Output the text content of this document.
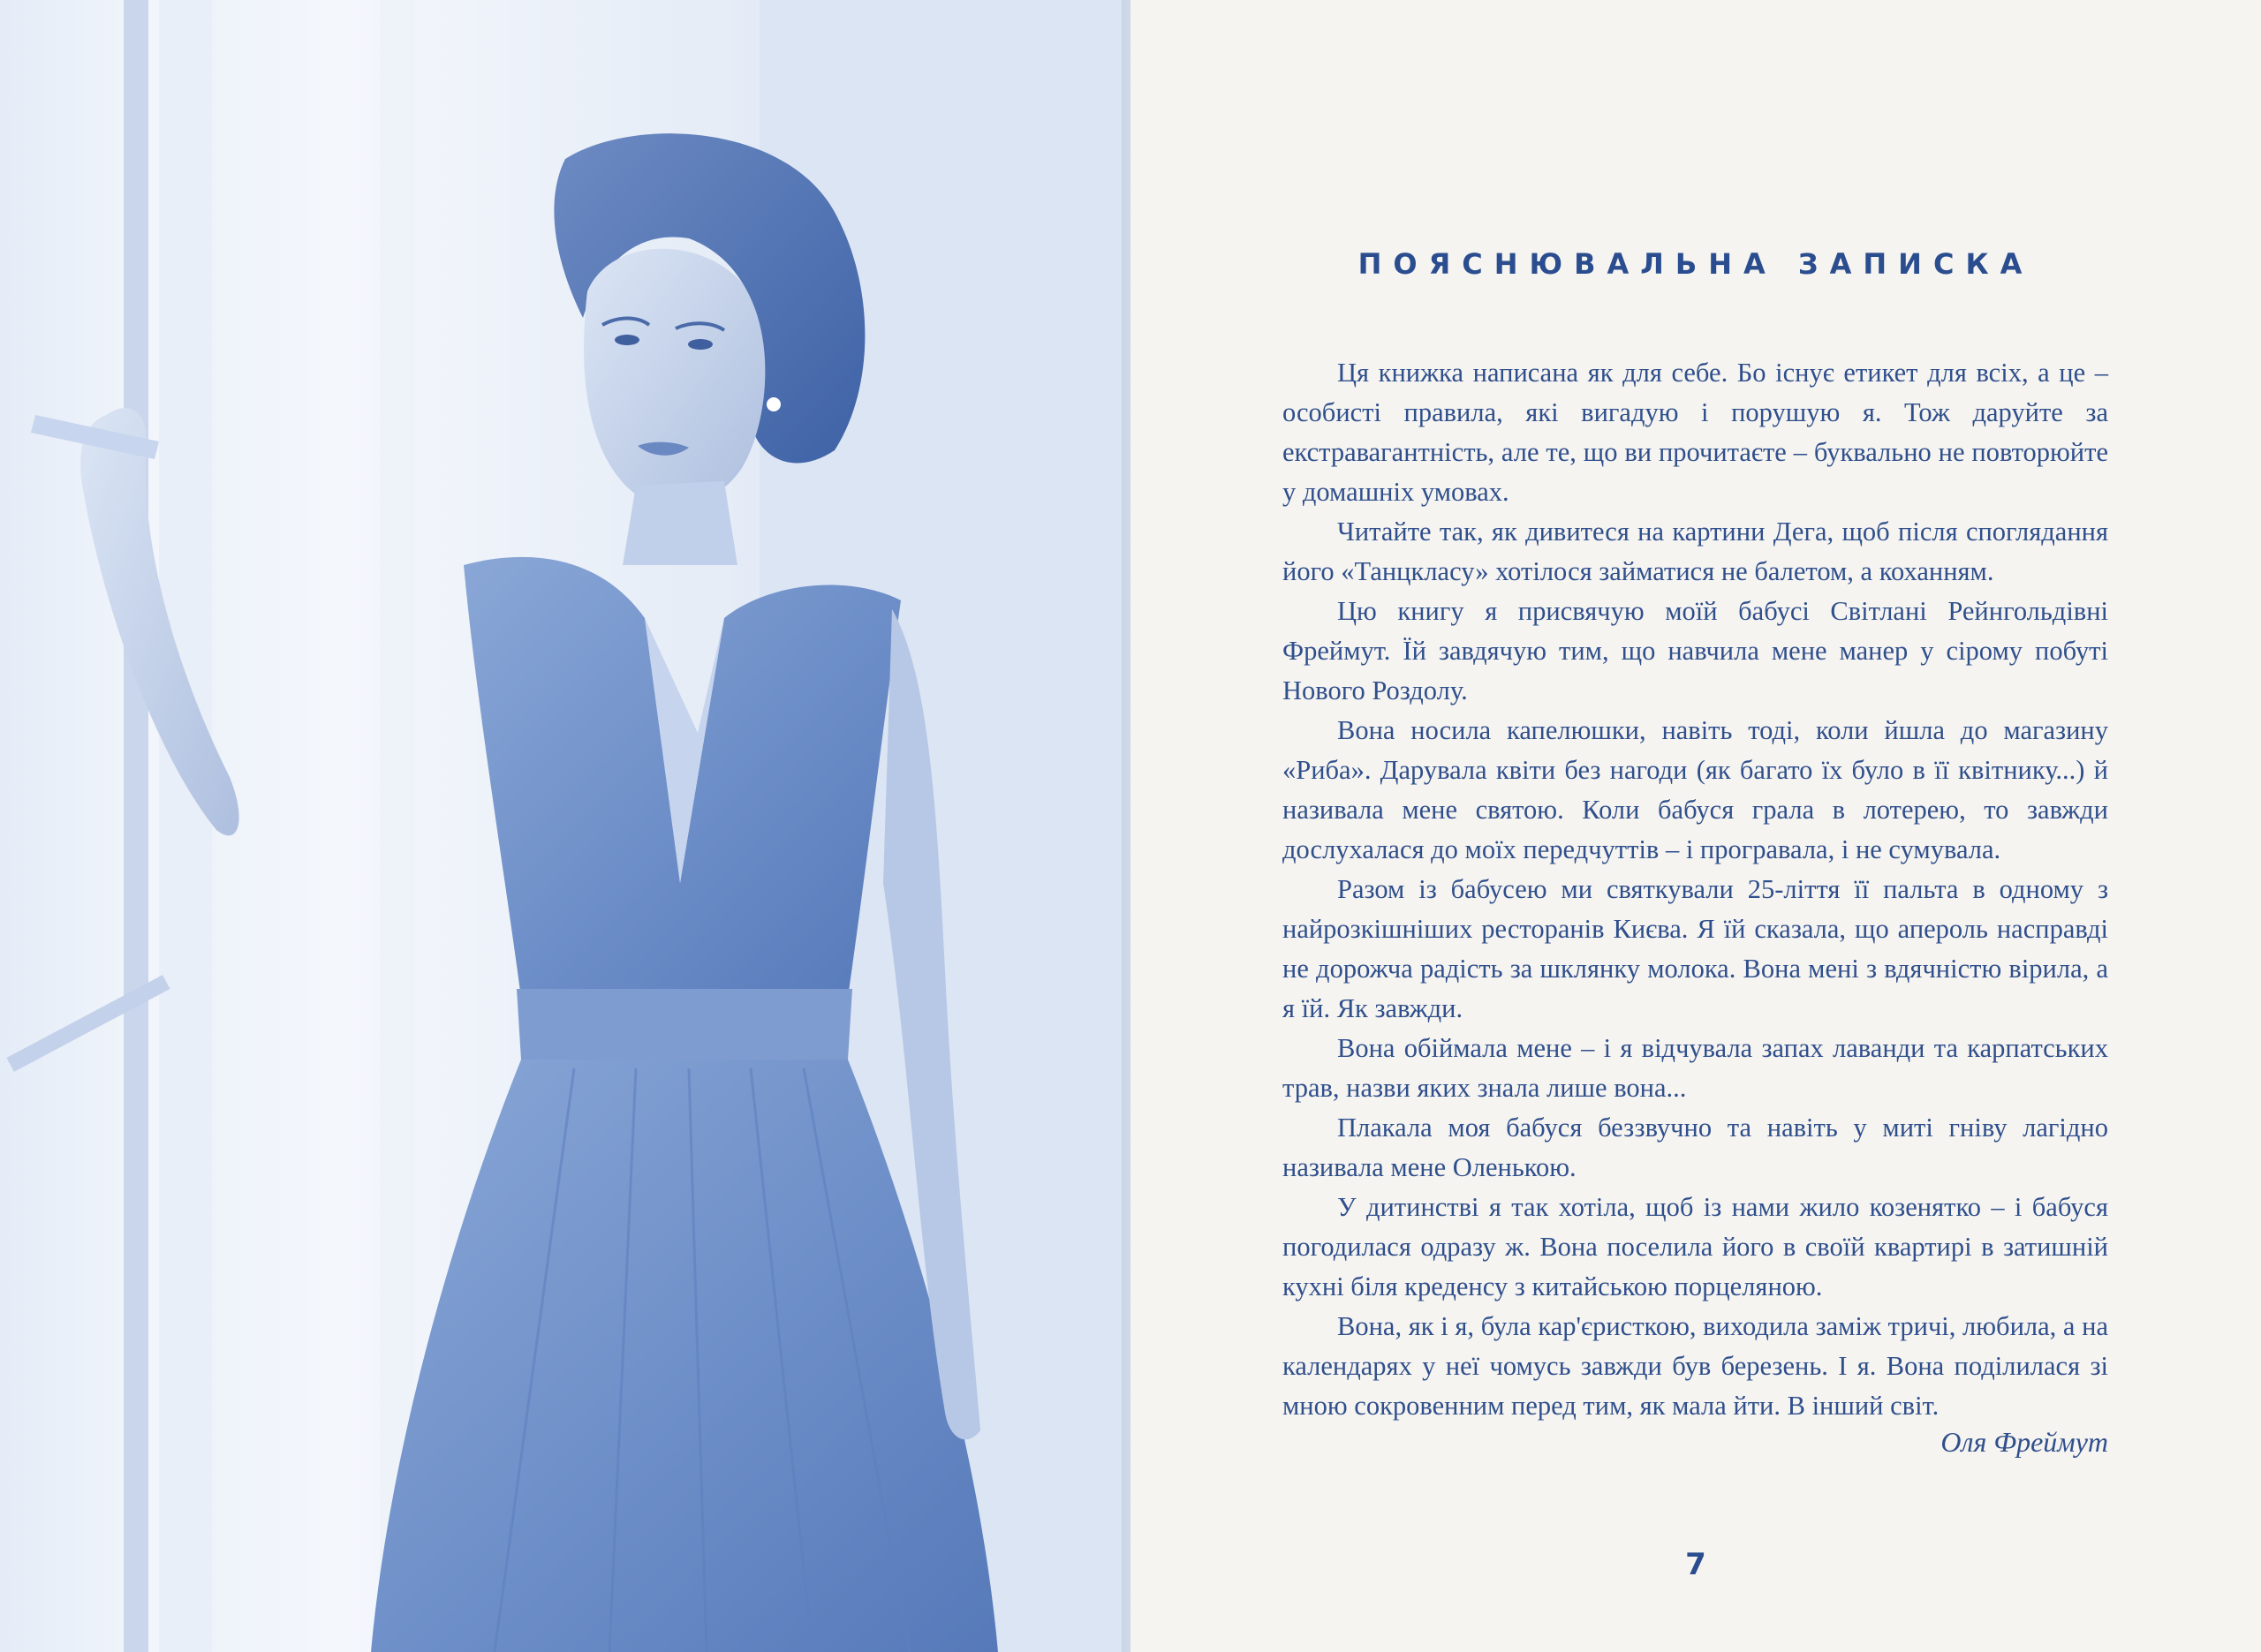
ПОЯСНЮВАЛЬНА ЗАПИСКА

Ця книжка написана як для себе. Бо існує етикет для всіх, а це – особисті правила, які вигадую і порушую я. Тож даруйте за екстравагантність, але те, що ви прочитаєте – буквально не повторюйте у домашніх умовах.

Читайте так, як дивитеся на картини Дега, щоб після споглядання його «Танцкласу» хотілося займатися не балетом, а коханням.

Цю книгу я присвячую моїй бабусі Світлані Рейнгольдівні Фреймут. Їй завдячую тим, що навчила мене манер у сірому побуті Нового Роздолу.

Вона носила капелюшки, навіть тоді, коли йшла до магазину «Риба». Дарувала квіти без нагоди (як багато їх було в її квітнику...) й називала мене святою. Коли бабуся грала в лотерею, то завжди дослухалася до моїх передчуттів – і програвала, і не сумувала.

Разом із бабусею ми святкували 25-ліття її пальта в одному з найрозкішніших ресторанів Києва. Я їй сказала, що апероль насправді не дорожча радість за шклянку молока. Вона мені з вдячністю вірила, а я їй. Як завжди.

Вона обіймала мене – і я відчувала запах лаванди та карпатських трав, назви яких знала лише вона...

Плакала моя бабуся беззвучно та навіть у миті гніву лагідно називала мене Оленькою.

У дитинстві я так хотіла, щоб із нами жило козенятко – і бабуся погодилася одразу ж. Вона поселила його в своїй квартирі в затишній кухні біля креденсу з китайською порцеляною.

Вона, як і я, була кар'єристкою, виходила заміж тричі, любила, а на календарях у неї чомусь завжди був березень. І я. Вона поділилася зі мною сокровенним перед тим, як мала йти. В інший світ.

Оля Фреймут
7
